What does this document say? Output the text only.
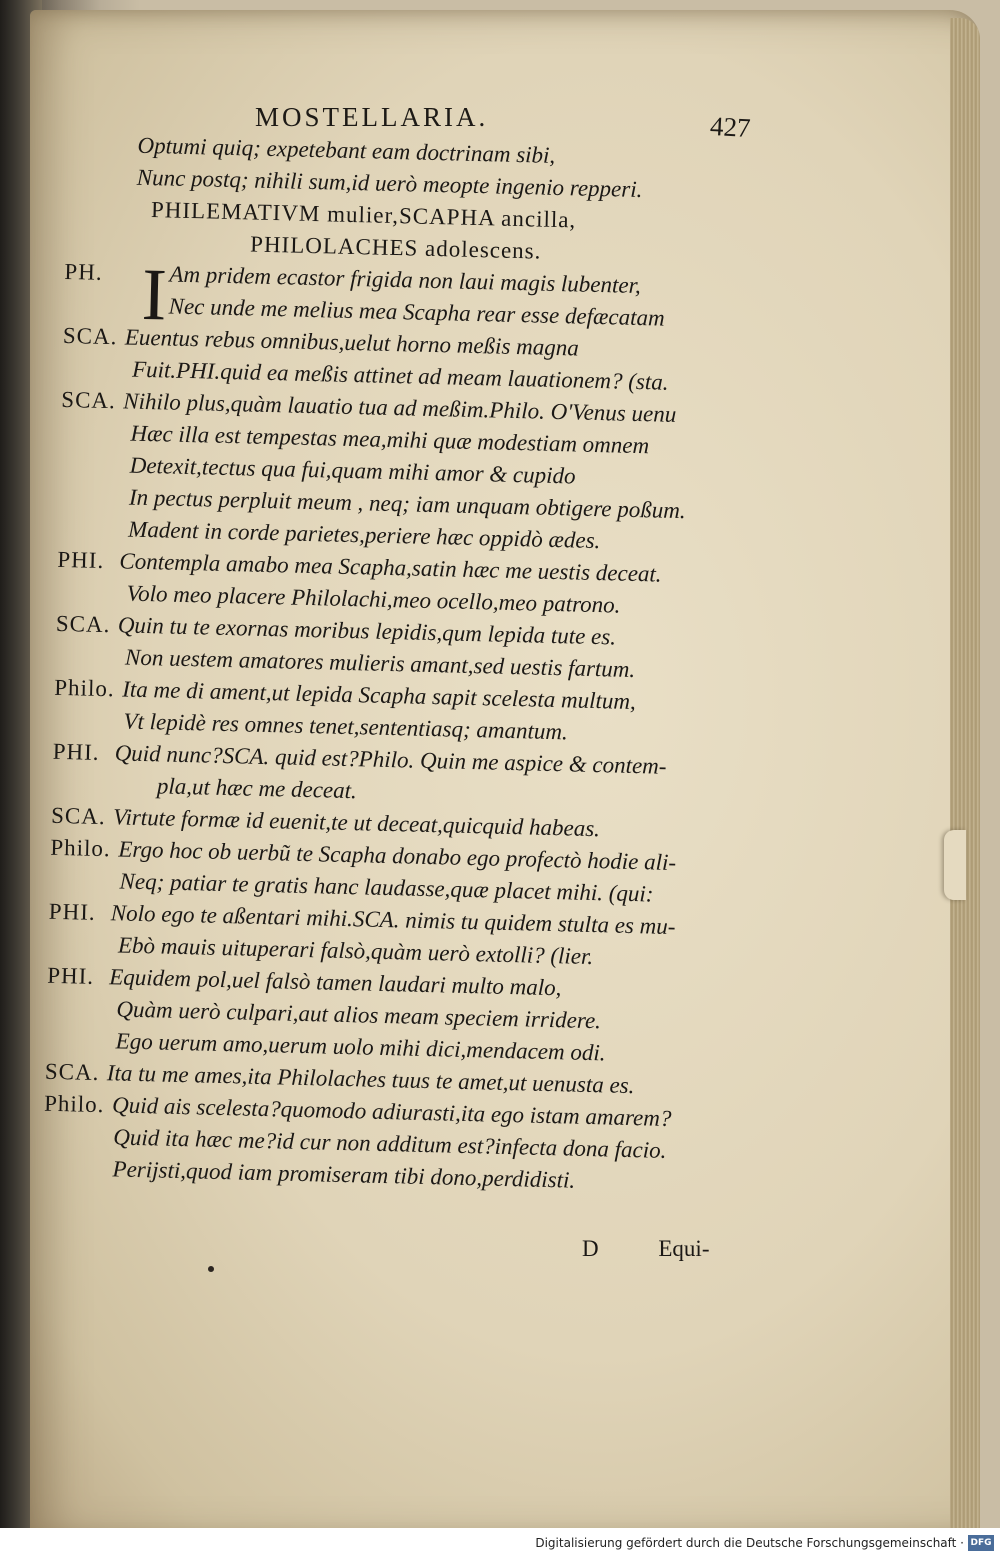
MOSTELLARIA.	427
Optumi quiq; expetebant eam doctrinam sibi,
Nunc postq; nihili sum,id uerò meopte ingenio repperi.
PHILEMATIVM mulier,SCAPHA ancilla,
PHILOLACHES adolescens.
PH. I Am pridem ecastor frigida non laui magis lubenter,
Nec unde me melius mea Scapha rear esse defæcatam
SCA. Euentus rebus omnibus,uelut horno meßis magna
Fuit.PHI.quid ea meßis attinet ad meam lauationem? (sta.
SCA. Nihilo plus,quàm lauatio tua ad meßim.Philo. O'Venus uenu
Hæc illa est tempestas mea,mihi quæ modestiam omnem
Detexit,tectus qua fui,quam mihi amor & cupido
In pectus perpluit meum , neq; iam unquam obtigere poßum.
Madent in corde parietes,periere hæc oppidò ædes.
PHI. Contempla amabo mea Scapha,satin hæc me uestis deceat.
Volo meo placere Philolachi,meo ocello,meo patrono.
SCA. Quin tu te exornas moribus lepidis,qum lepida tute es.
Non uestem amatores mulieris amant,sed uestis fartum.
Philo. Ita me di ament,ut lepida Scapha sapit scelesta multum,
Vt lepidè res omnes tenet,sententiasq; amantum.
PHI. Quid nunc?SCA. quid est?Philo. Quin me aspice & contem-
pla,ut hæc me deceat.
SCA. Virtute formæ id euenit,te ut deceat,quicquid habeas.
Philo. Ergo hoc ob uerbũ te Scapha donabo ego profectò hodie ali-
Neq; patiar te gratis hanc laudasse,quæ placet mihi. (qui:
PHI. Nolo ego te aßentari mihi.SCA. nimis tu quidem stulta es mu-
Ebò mauis uituperari falsò,quàm uerò extolli? (lier.
PHI. Equidem pol,uel falsò tamen laudari multo malo,
Quàm uerò culpari,aut alios meam speciem irridere.
Ego uerum amo,uerum uolo mihi dici,mendacem odi.
SCA. Ita tu me ames,ita Philolaches tuus te amet,ut uenusta es.
Philo. Quid ais scelesta?quomodo adiurasti,ita ego istam amarem?
Quid ita hæc me?id cur non additum est?infecta dona facio.
Perijsti,quod iam promiseram tibi dono,perdidisti.
D	Equi-
Digitalisierung gefördert durch die Deutsche Forschungsgemeinschaft · DFG
